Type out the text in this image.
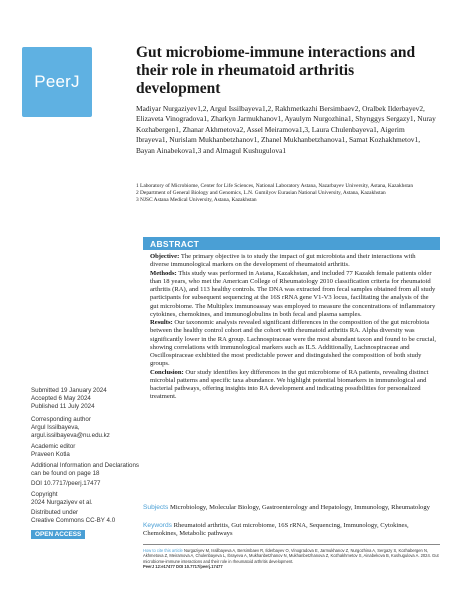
PeerJ
Gut microbiome-immune interactions and their role in rheumatoid arthritis development
Madiyar Nurgaziyev1,2, Argul Issilbayeva1,2, Rakhmetkazhi Bersimbaev2, Oralbek Ilderbayev2, Elizaveta Vinogradova1, Zharkyn Jarmukhanov1, Ayaulym Nurgozhina1, Shynggys Sergazy1, Nuray Kozhabergen1, Zhanar Akhmetova2, Assel Meiramova1,3, Laura Chulenbayeva1, Aigerim Ibrayeva1, Nurislam Mukhanbetzhanov1, Zhanel Mukhanbetzhanova1, Samat Kozhakhmetov1, Bayan Ainabekova1,3 and Almagul Kushugulova1
1 Laboratory of Microbiome, Center for Life Sciences, National Laboratory Astana, Nazarbayev University, Astana, Kazakhstan
2 Department of General Biology and Genomics, L.N. Gumilyov Eurasian National University, Astana, Kazakhstan
3 NJSC Astana Medical University, Astana, Kazakhstan
ABSTRACT

Objective: The primary objective is to study the impact of gut microbiota and their interactions with diverse immunological markers on the development of rheumatoid arthritis.

Methods: This study was performed in Astana, Kazakhstan, and included 77 Kazakh female patients older than 18 years, who met the American College of Rheumatology 2010 classification criteria for rheumatoid arthritis (RA), and 113 healthy controls. The DNA was extracted from fecal samples obtained from all study participants for subsequent sequencing at the 16S rRNA gene V1-V3 locus, facilitating the analysis of the gut microbiome. The Multiplex immunoassay was employed to measure the concentrations of inflammatory cytokines, chemokines, and immunoglobulins in both fecal and plasma samples.

Results: Our taxonomic analysis revealed significant differences in the composition of the gut microbiota between the healthy control cohort and the cohort with rheumatoid arthritis RA. Alpha diversity was significantly lower in the RA group. Lachnospiraceae were the most abundant taxon and found to be crucial, showing correlations with immunological markers such as IL5. Additionally, Lachnospiraceae and Oscillospiraceae exhibited the most predictable power and distinguished the composition of both study groups.

Conclusion: Our study identifies key differences in the gut microbiome of RA patients, revealing distinct microbial patterns and specific taxa abundance. We highlight potential biomarkers in immunological and bacterial pathways, offering insights into RA development and indicating possibilities for personalized treatment.

Submitted 19 January 2024
Accepted 6 May 2024
Published 11 July 2024
Corresponding author
Argul Issilbayeva,
argul.issilbayeva@nu.edu.kz
Academic editor
Praveen Kotla
Additional Information and Declarations can be found on page 18
DOI 10.7717/peerj.17477
Copyright
2024 Nurgaziyev et al.
Distributed under
Creative Commons CC-BY 4.0
OPEN ACCESS
Subjects Microbiology, Molecular Biology, Gastroenterology and Hepatology, Immunology, Rheumatology
Keywords Rheumatoid arthritis, Gut microbiome, 16S rRNA, Sequencing, Immunology, Cytokines, Chemokines, Metabolic pathways
How to cite this article Nurgaziyev M, Issilbayeva A, Bersimbaev R, Ilderbayev O, Vinogradova E, Jarmukhanov Z, Nurgozhina A, Sergazy S, Kozhabergen N, Akhmetova Z, Meiramova A, Chulenbayeva L, Ibrayeva A, Mukhanbetzhanov N, Mukhanbetzhanova Z, Kozhakhmetov S, Ainabekova B, Kushugulova A. 2024. Gut microbiome-immune interactions and their role in rheumatoid arthritis development.
PeerJ 12:e17477 DOI 10.7717/peerj.17477
